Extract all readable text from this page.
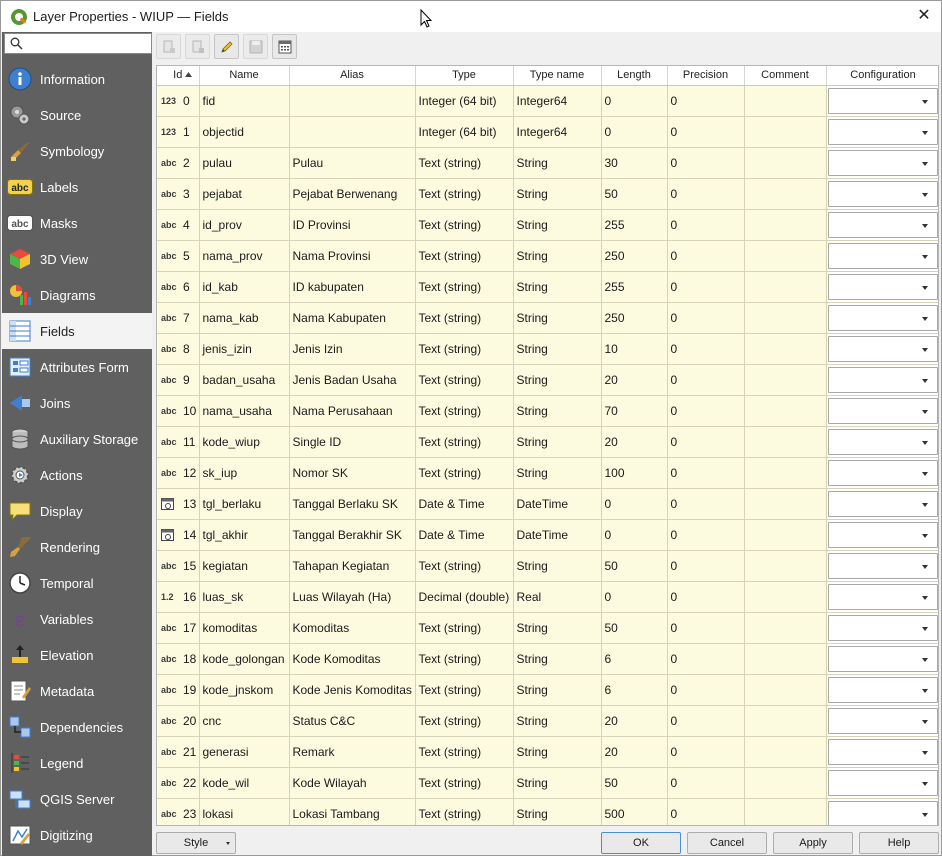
Layer Properties - WIUP — Fields	✕
Information
Source
Symbology
abc Labels
abc Masks
3D View
Diagrams
Fields
Attributes Form
Joins
Auxiliary Storage
Actions
Display
Rendering
Temporal
ε Variables
Elevation
Metadata
Dependencies
Legend
QGIS Server
Digitizing
Id	Name	Alias	Type	Type name	Length	Precision	Comment	Configuration
123 0	fid		Integer (64 bit)	Integer64	0	0		

123 1	objectid		Integer (64 bit)	Integer64	0	0		

abc 2	pulau	Pulau	Text (string)	String	30	0		

abc 3	pejabat	Pejabat Berwenang	Text (string)	String	50	0		

abc 4	id_prov	ID Provinsi	Text (string)	String	255	0		

abc 5	nama_prov	Nama Provinsi	Text (string)	String	250	0		

abc 6	id_kab	ID kabupaten	Text (string)	String	255	0		

abc 7	nama_kab	Nama Kabupaten	Text (string)	String	250	0		

abc 8	jenis_izin	Jenis Izin	Text (string)	String	10	0		

abc 9	badan_usaha	Jenis Badan Usaha	Text (string)	String	20	0		

abc 10	nama_usaha	Nama Perusahaan	Text (string)	String	70	0		

abc 11	kode_wiup	Single ID	Text (string)	String	20	0		

abc 12	sk_iup	Nomor SK	Text (string)	String	100	0		

13	tgl_berlaku	Tanggal Berlaku SK	Date & Time	DateTime	0	0		

14	tgl_akhir	Tanggal Berakhir SK	Date & Time	DateTime	0	0		

abc 15	kegiatan	Tahapan Kegiatan	Text (string)	String	50	0		

1.2 16	luas_sk	Luas Wilayah (Ha)	Decimal (double)	Real	0	0		

abc 17	komoditas	Komoditas	Text (string)	String	50	0		

abc 18	kode_golongan	Kode Komoditas	Text (string)	String	6	0		

abc 19	kode_jnskom	Kode Jenis Komoditas	Text (string)	String	6	0		

abc 20	cnc	Status C&C	Text (string)	String	20	0		

abc 21	generasi	Remark	Text (string)	String	20	0		

abc 22	kode_wil	Kode Wilayah	Text (string)	String	50	0		

abc 23	lokasi	Lokasi Tambang	Text (string)	String	500	0		
Style	OK	Cancel	Apply	Help
